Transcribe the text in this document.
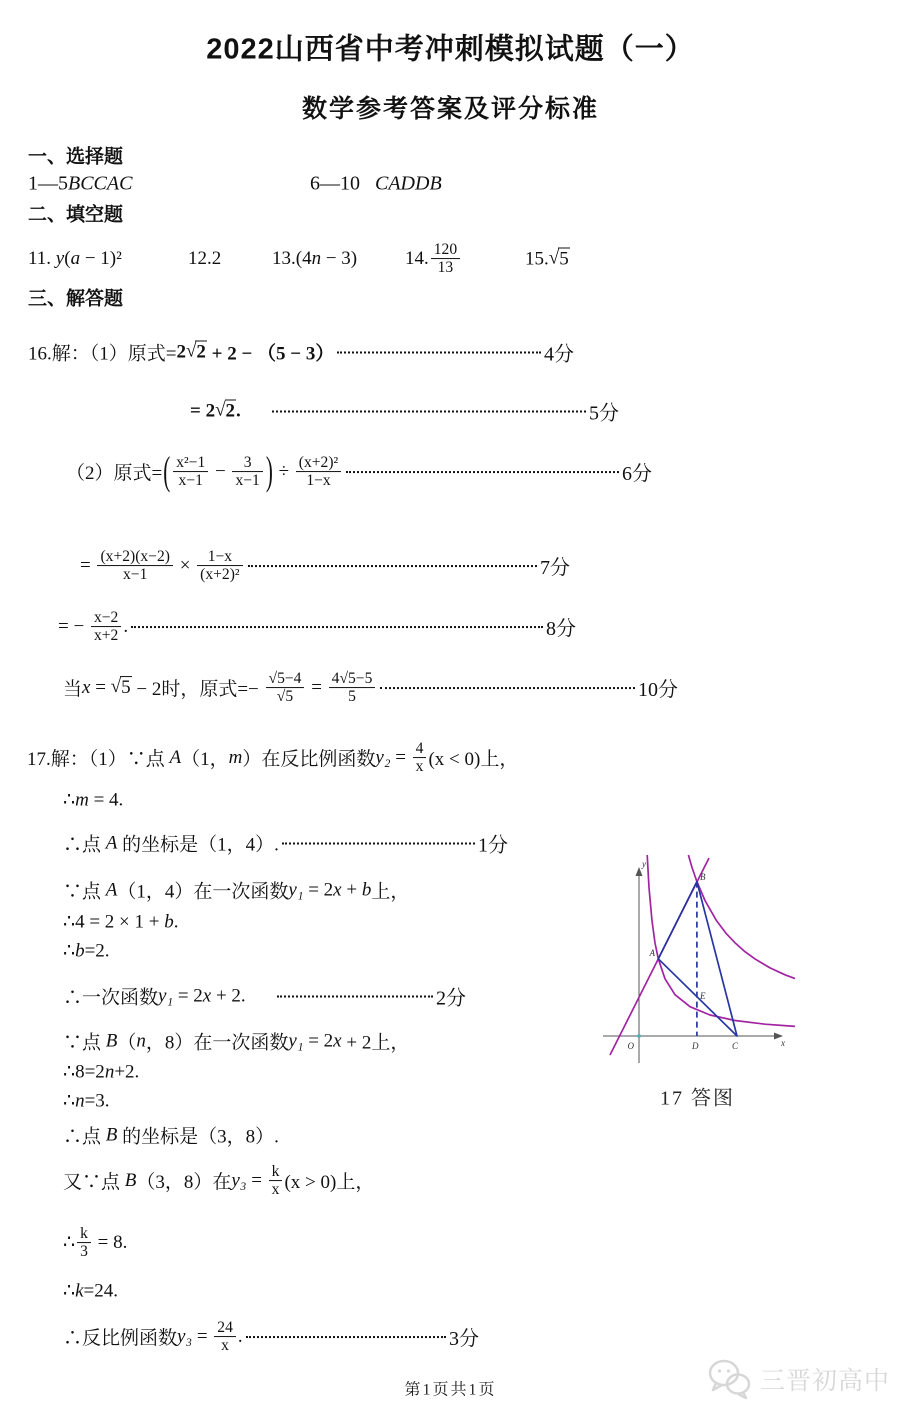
2022山西省中考冲刺模拟试题（一）
数学参考答案及评分标准
一、选择题
1—5 BCCAC	6—10 CADDB
二、填空题
11. y ( a − 1)²	12.2	13.(4 n − 3)	14. $\frac{120}{13}$	15. √ 5
三、解答题
16.解：（1）原式= 2 √ 2 + 2 − （5 − 3）	4分
= 2 √ 2 .
	5分
（2）原式= ( $\frac{\text{x²−1}}{x-1} - \frac{3}{x-1}$ ) ÷ $\frac{\text{(x+2)²}}{1-x}$	6分
= $\frac{(x+2)(x-2)}{x-1} \times \frac{1-x}{\text{(x+2)²}}$	7分
= − $\frac{x-2}{x+2}$ .	8分
当 x = √ 5 − 2时，原式=− $\frac{√5-4}{√5} = \frac{4√5-5}{5}$	10分
17.解：（1）∵点 A （1， m ）在反比例函数 $y_2 = \frac{4}{x} (x < 0)$上，
∴ m = 4.
∴点 A 的坐标是（1，4）.	1分
∵点 A （1，4）在一次函数 y₁ = 2 x + b 上，
∴4 = 2 × 1 + b .
∴ b =2.
∴一次函数 y₁ = 2 x + 2.
	2分
∵点 B （ n ，8）在一次函数 y₁ = 2 x + 2上，
∴8=2 n +2.
∴ n =3.
∴点 B 的坐标是（3，8）.
又∵点 B （3，8）在 $y_3 = \frac{k}{x} (x > 0)$上，
∴ $\frac{k}{3} = 8$.
∴ k =24.
∴反比例函数 $y_3 = \frac{24}{x}$ .	3分
O	x
y
A
B
C
D
E
17 答图
第1页共1页	三晋初高中
